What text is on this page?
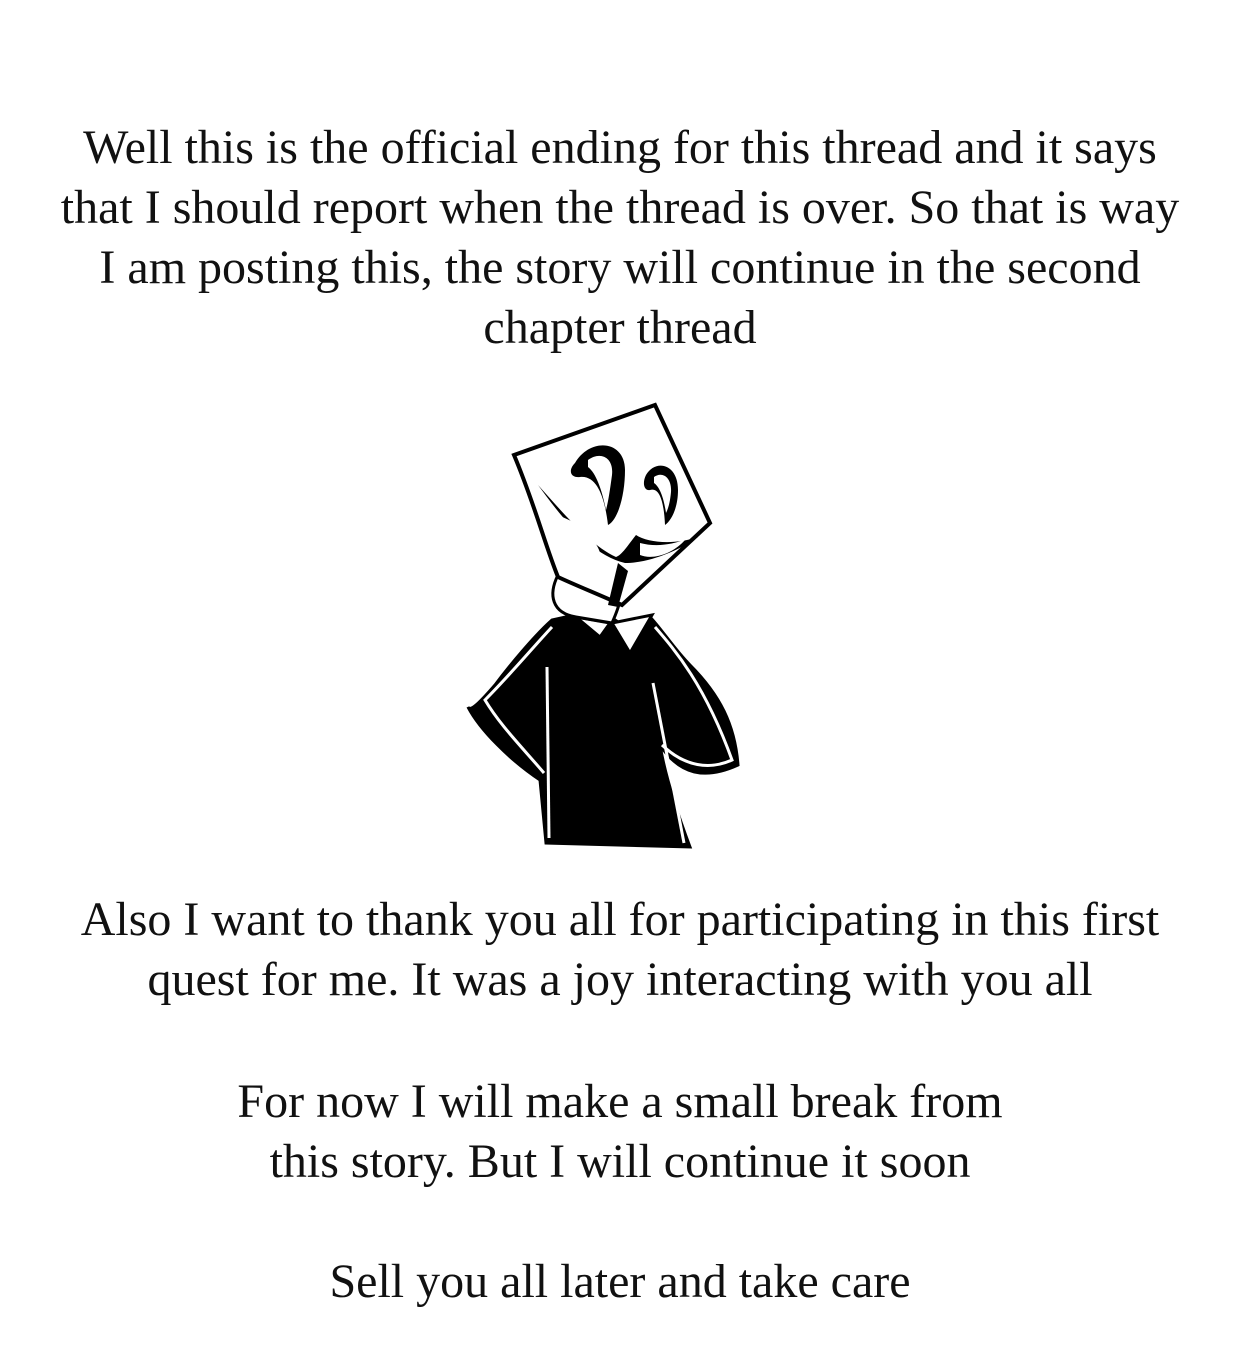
Well this is the official ending for this thread and it says
that I should report when the thread is over. So that is way
I am posting this, the story will continue in the second
chapter thread
Also I want to thank you all for participating in this first
quest for me. It was a joy interacting with you all
For now I will make a small break from
this story. But I will continue it soon
Sell you all later and take care
